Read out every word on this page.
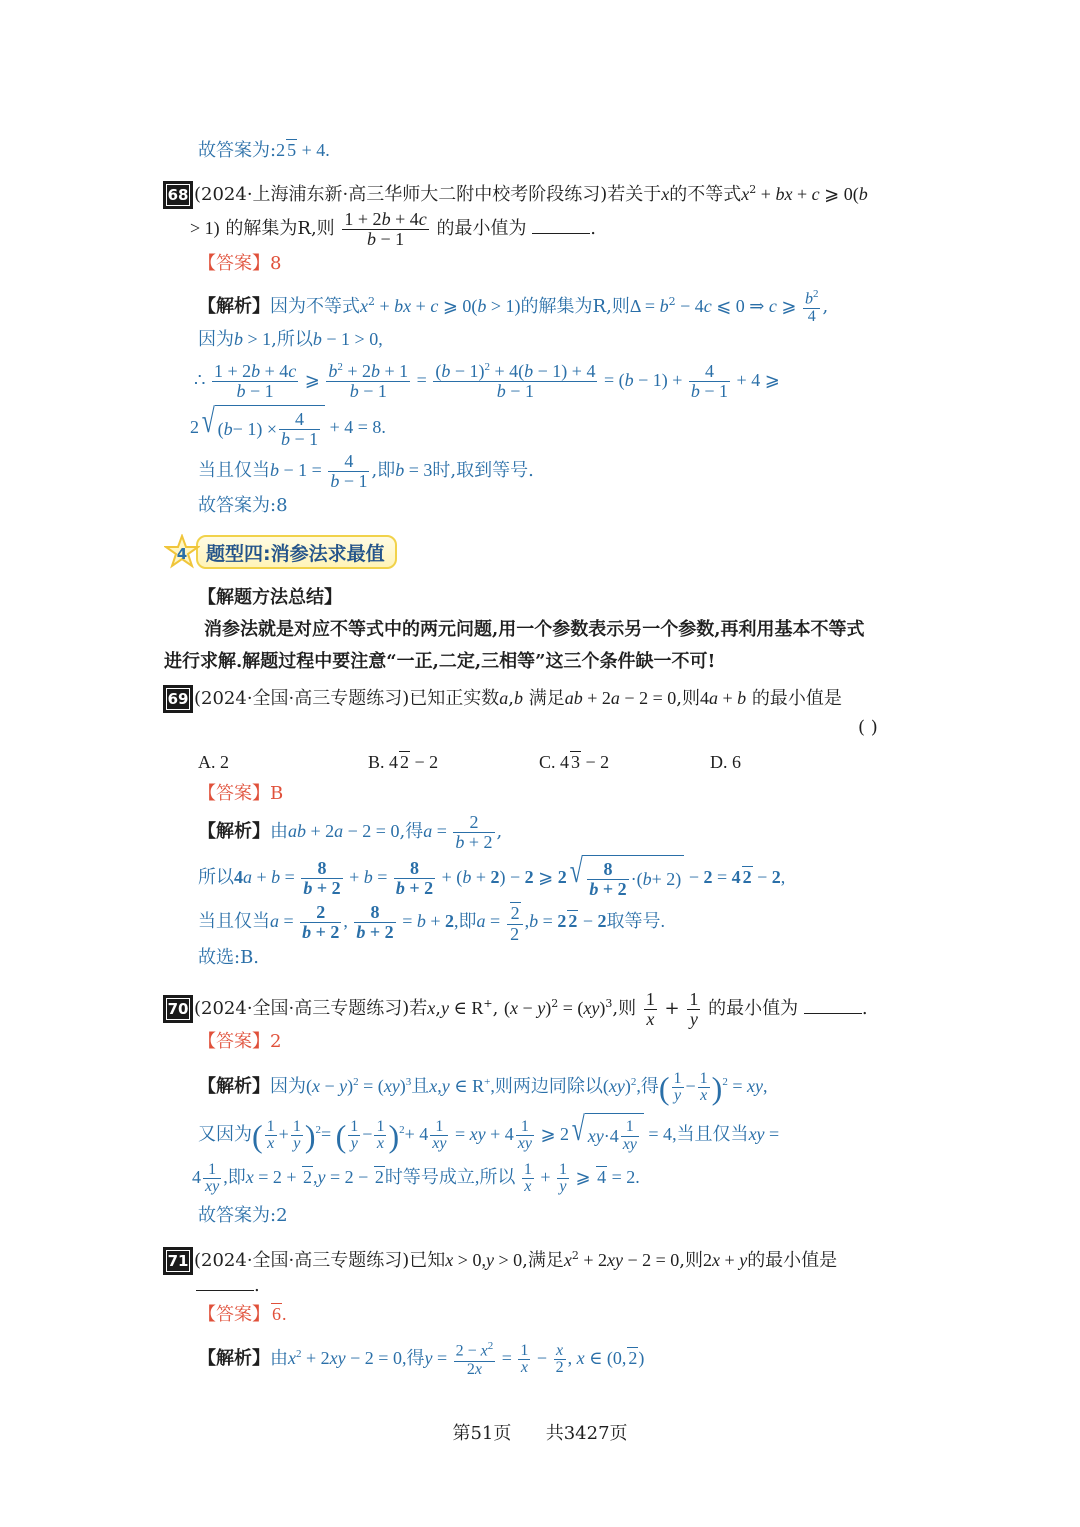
故答案为:2 5 + 4.
68 (2024·上海浦东新·高三华师大二附中校考阶段练习)若关于x的不等式$x^2$ + bx + c ⩾ 0(b
> 1) 的解集为R,则 $\frac{1 + 2b + 4c}{b - 1}$ 的最小值为	.
【答案】8
【解析】因为不等式$x^2$ + bx + c ⩾ 0(b > 1)的解集为R,则$\Delta = b^2 - 4c$ ⩽ 0 ⇒ c ⩾ $\frac{b^2}{4}$ ,
因为b > 1,所以b − 1 > 0,
∴ $\frac{1 + 2b + 4c}{b - 1}$ ⩾ $\frac{b^2 + 2b + 1}{b - 1} = \frac{(b - 1)^2 + 4(b - 1) + 4}{b - 1} = (b - 1) + \frac{4}{b - 1} + 4$ ⩾
2 √ ( $b - 1) \times \frac{4}{b - 1} + 4 = 8$.
当且仅当$b - 1 = \frac{4}{b - 1}$ ,即b = 3时,取到等号.
故答案为:8
4 题型四:消参法求最值
【解题方法总结】
消参法就是对应不等式中的两元问题,用一个参数表示另一个参数,再利用基本不等式
进行求解.解题过程中要注意“一正,二定,三相等”这三个条件缺一不可!
69 (2024·全国·高三专题练习)已知正实数a,b 满足ab + 2a − 2 = 0,则4a + b 的最小值是
( )
A. 2	B. 4 2 − 2	C. 4 3 − 2	D. 6
【答案】B
【解析】由ab + 2a − 2 = 0,得$a = \frac{2}{b + 2}$ ,
所以$4a + b = \frac{8}{b + 2} + b = \frac{8}{b + 2} + (b + 2) - 2$ ⩾ 2 √ $\frac{8}{b + 2}$ ·( b + 2) − 2 = 4 2 − 2,
当且仅当$a = \frac{2}{b + 2}$ , $\frac{8}{b + 2} = b + 2$,即$a = \frac{2}{2} ,b = 2$ 2 − 2取等号.
故选:B.
70 (2024·全国·高三专题练习)若x,y ∈ R+, $(x - y)^2 = (xy)^3$,则 $\frac{1}{x} + \frac{1}{y}$ 的最小值为	.
【答案】2
【解析】因为$(x - y)^2 = (xy)^3$且x,y ∈ R+,则两边同除以(xy)$^2$,得( $\frac{1}{y} - \frac{1}{x} )^2$ = xy,
又因为( $\frac{1}{x} + \frac{1}{y} )^2=$ ( $\frac{1}{y} - \frac{1}{x} )^2+ 4 \frac{1}{xy}$ = xy + $4 \frac{1}{xy}$ ⩾ 2 √ xy $\cdot 4 \frac{1}{xy} = 4$,当且仅当xy =
$4 \frac{1}{xy}$ ,即x = 2 + 2,y = 2 − 2时等号成立,所以 $\frac{1}{x} + \frac{1}{y}$ ⩾ 4 = 2.
故答案为:2
71 (2024·全国·高三专题练习)已知x > 0,y > 0,满足$x^2 + 2xy - 2 = 0$,则2x + y的最小值是
.
【答案】 6.
【解析】由$x^2 + 2xy - 2 = 0$,得$y = \frac{2 - x^2}{2x} = \frac{1}{x} - \frac{x}{2}$ , x ∈ (0, 2)
第51页 共3427页
